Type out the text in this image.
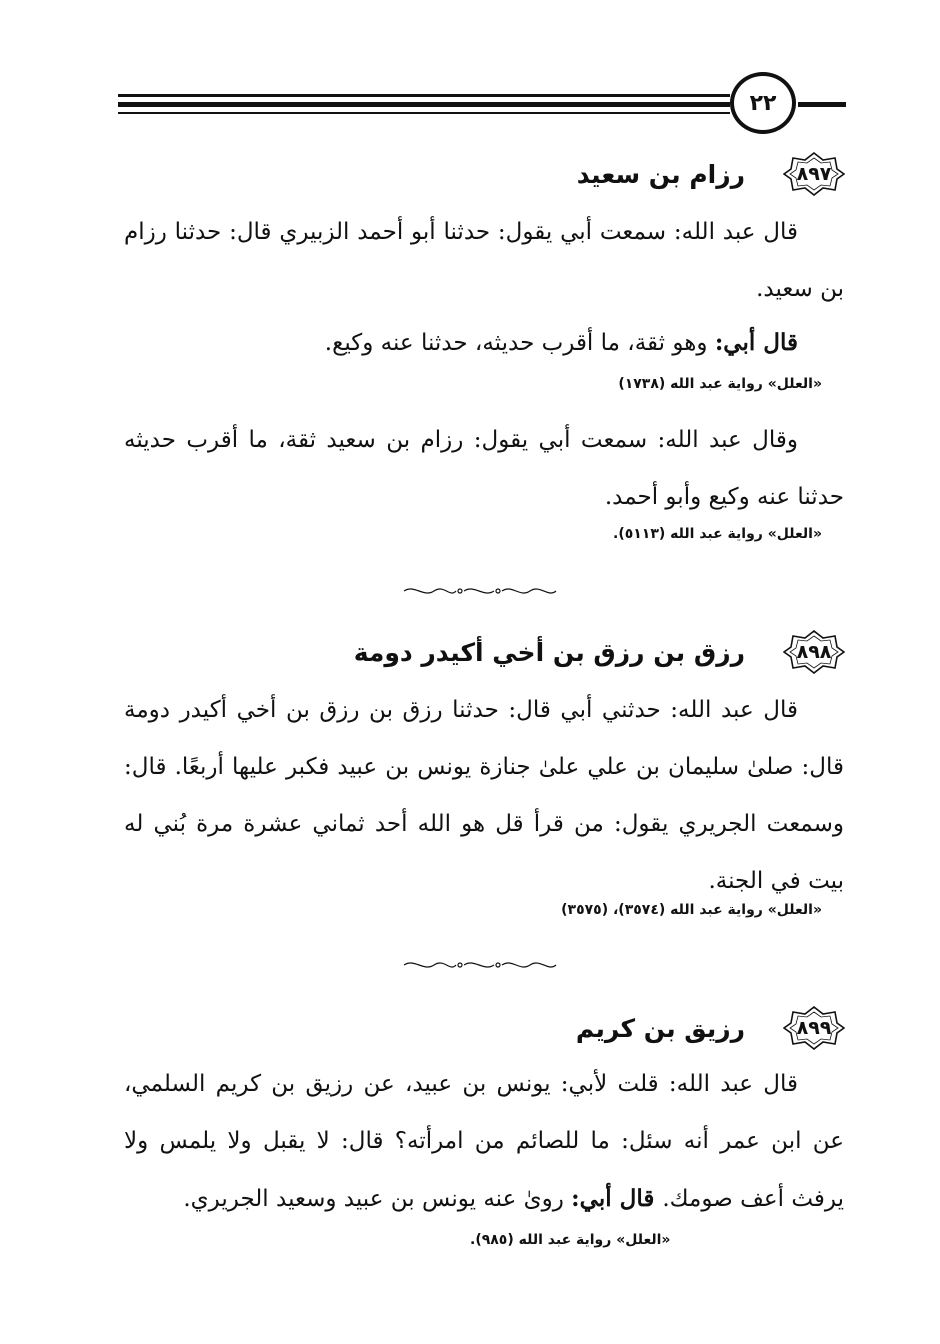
٢٢
٨٩٧
رزام بن سعيد

قال عبد الله: سمعت أبي يقول: حدثنا أبو أحمد الزبيري قال: حدثنا رزام بن سعيد.

قال أبي: وهو ثقة، ما أقرب حديثه، حدثنا عنه وكيع.

«العلل» رواية عبد الله (١٧٣٨)

وقال عبد الله: سمعت أبي يقول: رزام بن سعيد ثقة، ما أقرب حديثه حدثنا عنه وكيع وأبو أحمد.

«العلل» رواية عبد الله (٥١١٣).
٨٩٨
رزق بن رزق بن أخي أكيدر دومة

قال عبد الله: حدثني أبي قال: حدثنا رزق بن رزق بن أخي أكيدر دومة قال: صلىٰ سليمان بن علي علىٰ جنازة يونس بن عبيد فكبر عليها أربعًا. قال: وسمعت الجريري يقول: من قرأ قل هو الله أحد ثماني عشرة مرة بُني له بيت في الجنة.

«العلل» رواية عبد الله (٣٥٧٤)، (٣٥٧٥)
٨٩٩
رزيق بن كريم

قال عبد الله: قلت لأبي: يونس بن عبيد، عن رزيق بن كريم السلمي، عن ابن عمر أنه سئل: ما للصائم من امرأته؟ قال: لا يقبل ولا يلمس ولا يرفث أعف صومك. قال أبي: رویٰ عنه يونس بن عبيد وسعيد الجريري.

«العلل» رواية عبد الله (٩٨٥).
